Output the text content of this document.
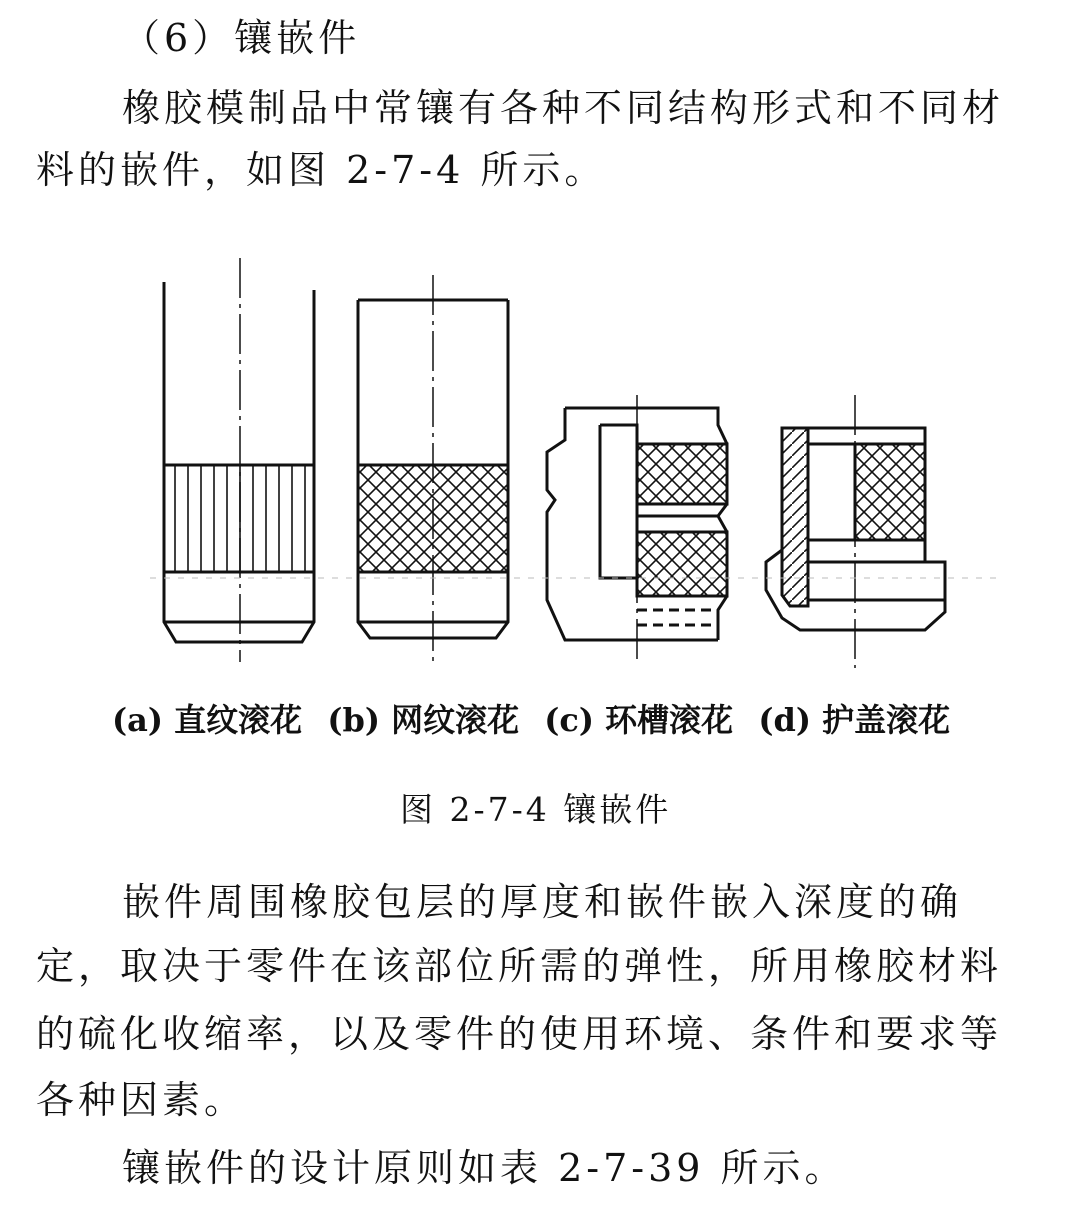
（6）镶嵌件
橡胶模制品中常镶有各种不同结构形式和不同材
料的嵌件，如图 2-7-4 所示。
(a) 直纹滚花 (b) 网纹滚花 (c) 环槽滚花 (d) 护盖滚花
图 2-7-4 镶嵌件
嵌件周围橡胶包层的厚度和嵌件嵌入深度的确
定，取决于零件在该部位所需的弹性，所用橡胶材料
的硫化收缩率，以及零件的使用环境、条件和要求等
各种因素。
镶嵌件的设计原则如表 2-7-39 所示。
